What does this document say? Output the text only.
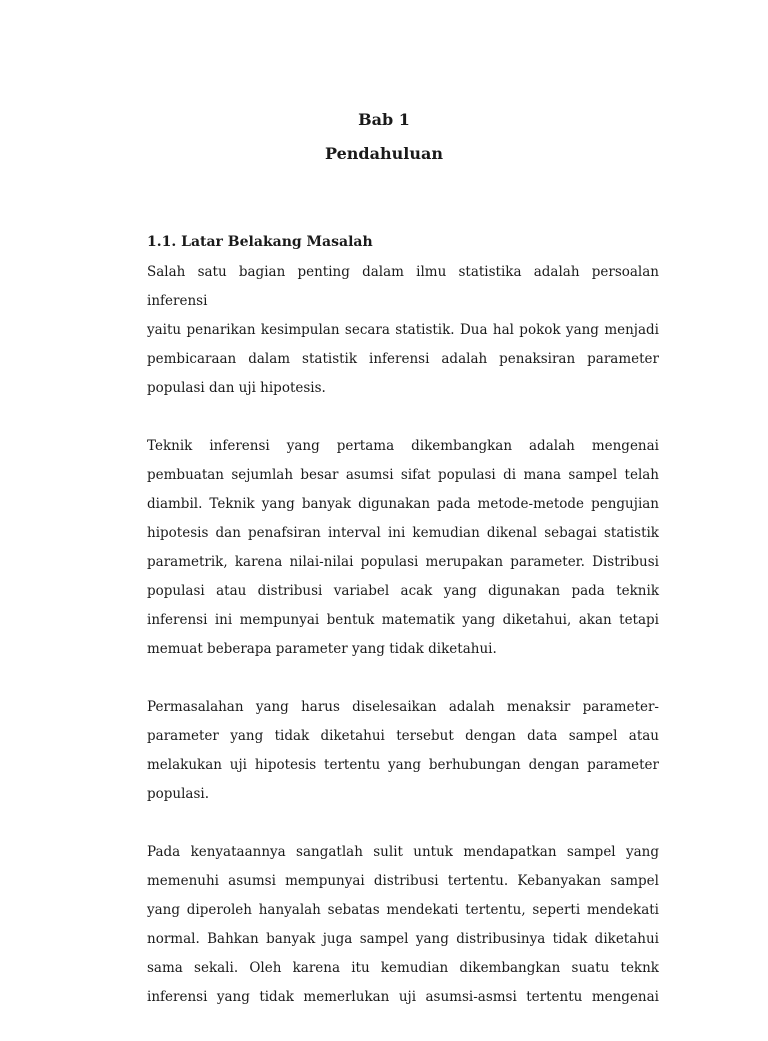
Bab 1
Pendahuluan
1.1. Latar Belakang Masalah

Salah satu bagian penting dalam ilmu statistika adalah persoalan inferensi
yaitu penarikan kesimpulan secara statistik. Dua hal pokok yang menjadi
pembicaraan dalam statistik inferensi adalah penaksiran parameter
populasi dan uji hipotesis.

Teknik inferensi yang pertama dikembangkan adalah mengenai
pembuatan sejumlah besar asumsi sifat populasi di mana sampel telah
diambil. Teknik yang banyak digunakan pada metode-metode pengujian
hipotesis dan penafsiran interval ini kemudian dikenal sebagai statistik
parametrik, karena nilai-nilai populasi merupakan parameter. Distribusi
populasi atau distribusi variabel acak yang digunakan pada teknik
inferensi ini mempunyai bentuk matematik yang diketahui, akan tetapi
memuat beberapa parameter yang tidak diketahui.

Permasalahan yang harus diselesaikan adalah menaksir parameter-
parameter yang tidak diketahui tersebut dengan data sampel atau
melakukan uji hipotesis tertentu yang berhubungan dengan parameter
populasi.

Pada kenyataannya sangatlah sulit untuk mendapatkan sampel yang
memenuhi asumsi mempunyai distribusi tertentu. Kebanyakan sampel
yang diperoleh hanyalah sebatas mendekati tertentu, seperti mendekati
normal. Bahkan banyak juga sampel yang distribusinya tidak diketahui
sama sekali. Oleh karena itu kemudian dikembangkan suatu teknk
inferensi yang tidak memerlukan uji asumsi-asmsi tertentu mengenai
